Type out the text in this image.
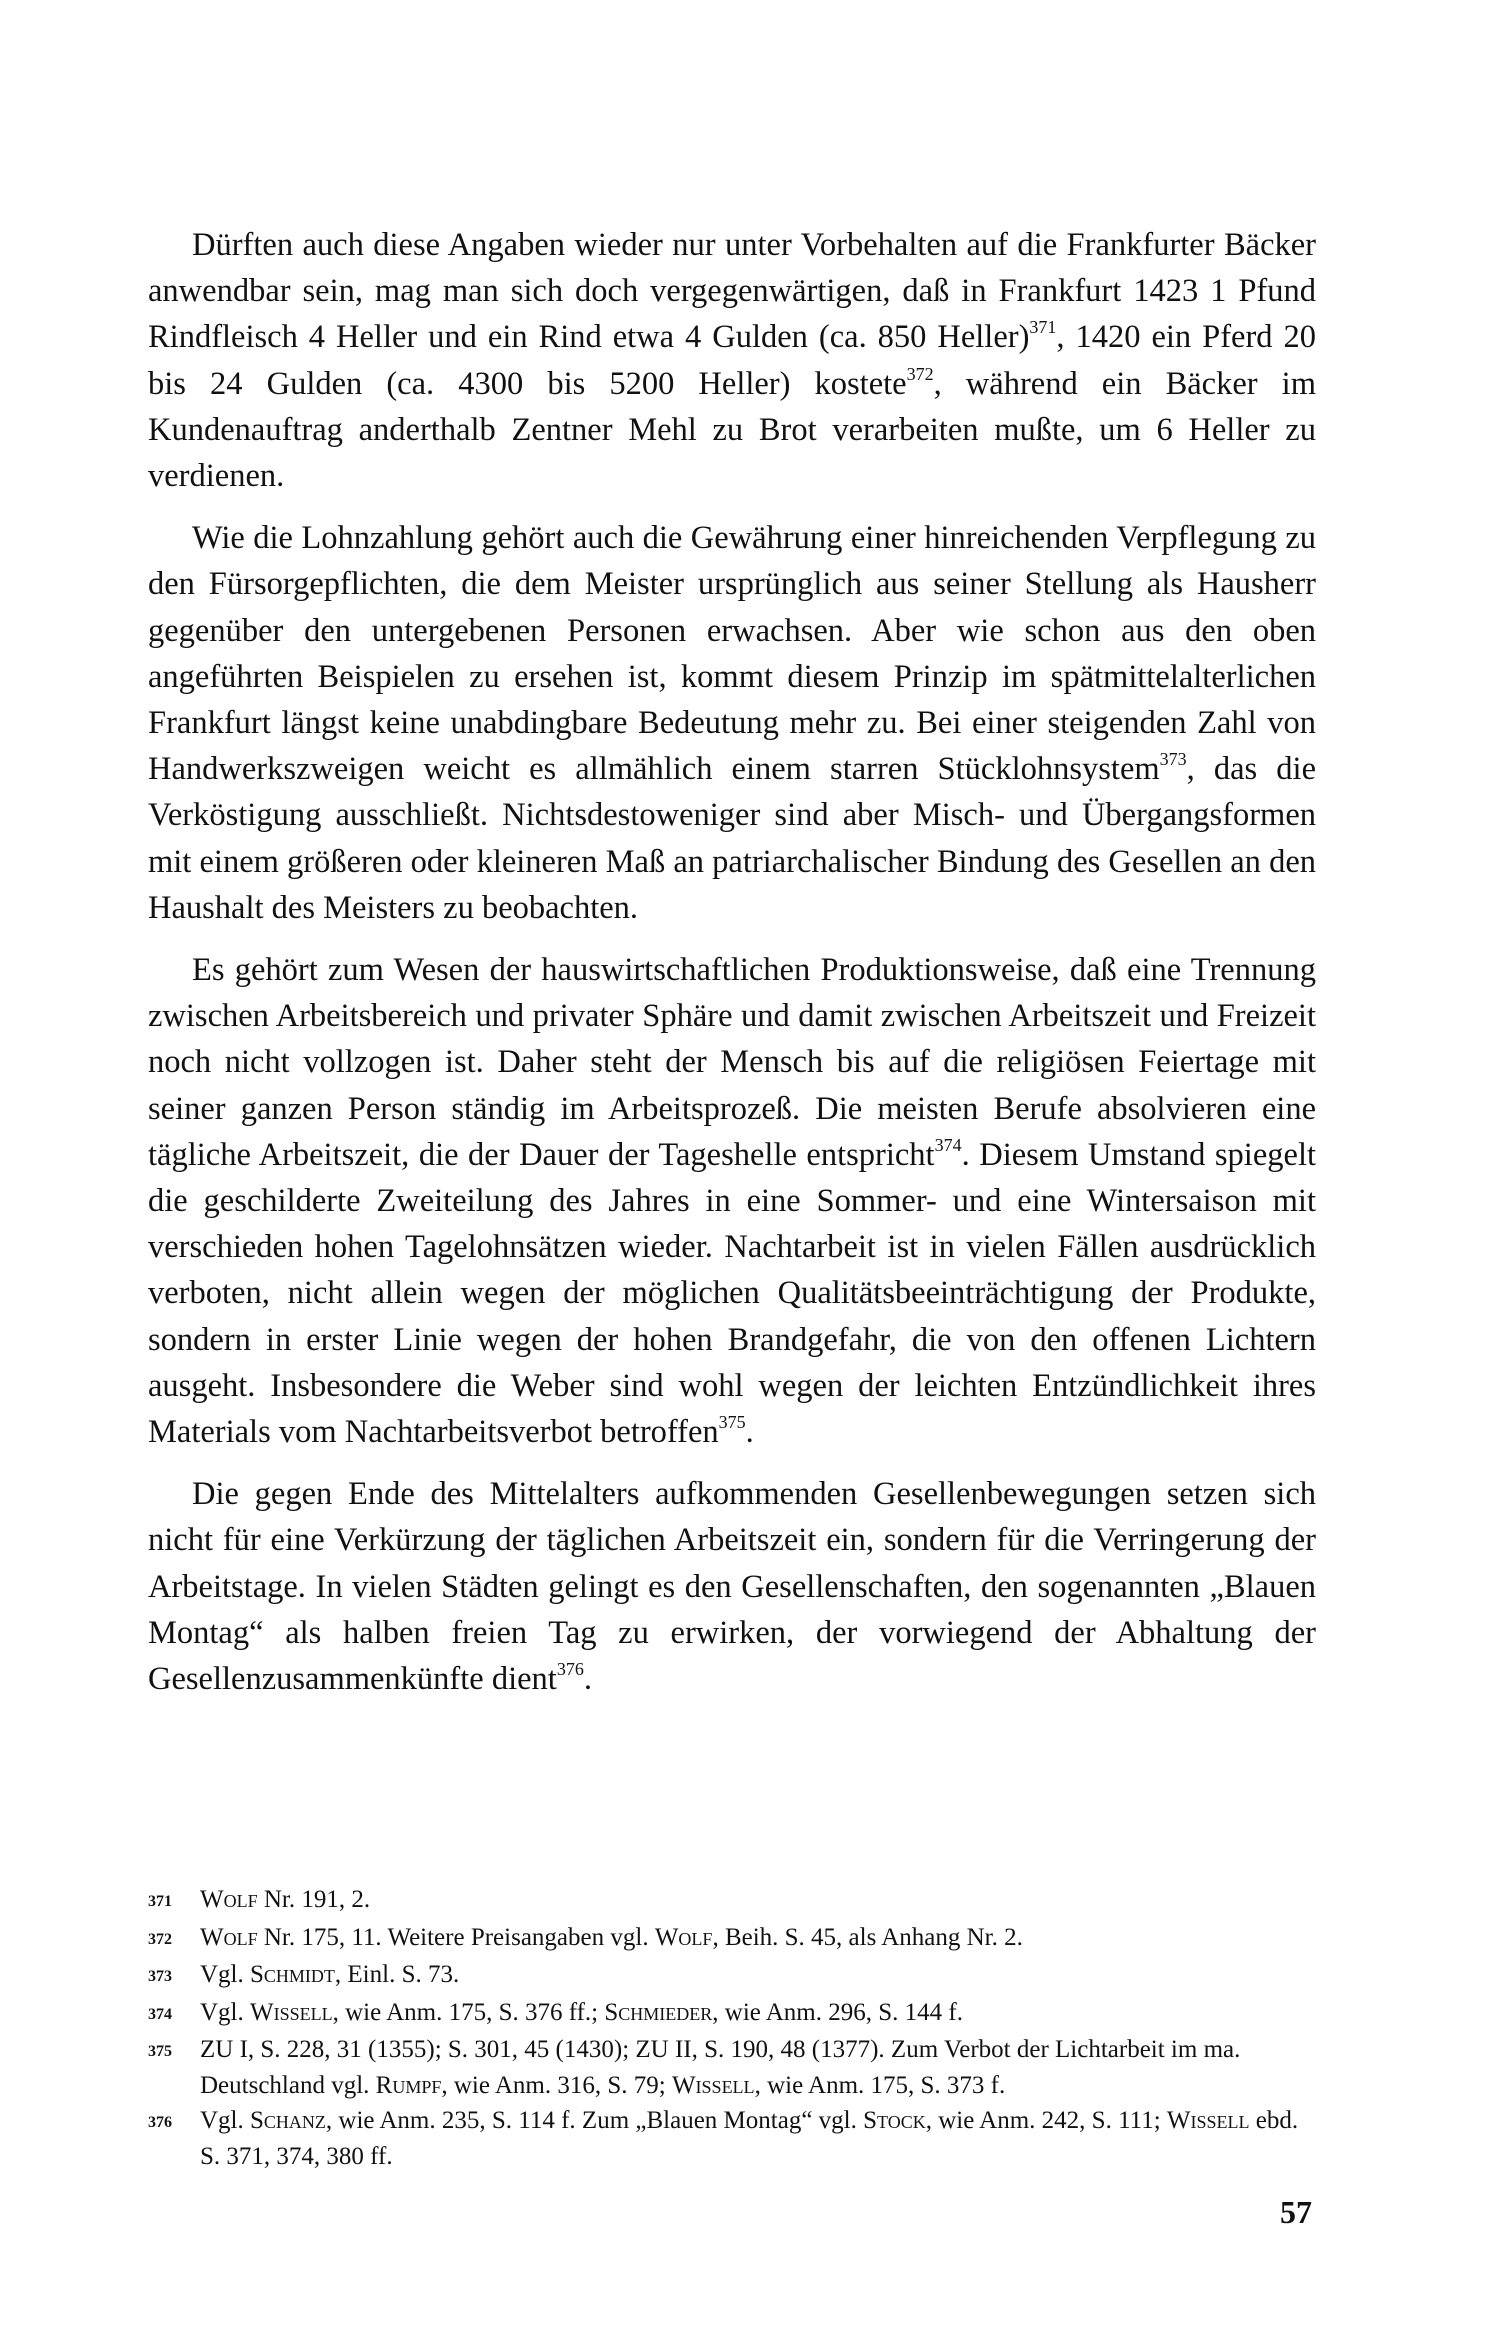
Dürften auch diese Angaben wieder nur unter Vorbehalten auf die Frankfurter Bäcker anwendbar sein, mag man sich doch vergegenwärtigen, daß in Frankfurt 1423 1 Pfund Rindfleisch 4 Heller und ein Rind etwa 4 Gulden (ca. 850 Heller)$^{371}$, 1420 ein Pferd 20 bis 24 Gulden (ca. 4300 bis 5200 Heller) kostete$^{372}$, während ein Bäcker im Kundenauftrag anderthalb Zentner Mehl zu Brot verarbeiten mußte, um 6 Heller zu verdienen.

Wie die Lohnzahlung gehört auch die Gewährung einer hinreichenden Verpflegung zu den Fürsorgepflichten, die dem Meister ursprünglich aus seiner Stellung als Hausherr gegenüber den untergebenen Personen erwachsen. Aber wie schon aus den oben angeführten Beispielen zu ersehen ist, kommt diesem Prinzip im spätmittelalterlichen Frankfurt längst keine unabdingbare Bedeutung mehr zu. Bei einer steigenden Zahl von Handwerkszweigen weicht es allmählich einem starren Stücklohnsystem$^{373}$, das die Verköstigung ausschließt. Nichtsdestoweniger sind aber Misch- und Übergangsformen mit einem größeren oder kleineren Maß an patriarchalischer Bindung des Gesellen an den Haushalt des Meisters zu beobachten.

Es gehört zum Wesen der hauswirtschaftlichen Produktionsweise, daß eine Trennung zwischen Arbeitsbereich und privater Sphäre und damit zwischen Arbeitszeit und Freizeit noch nicht vollzogen ist. Daher steht der Mensch bis auf die religiösen Feiertage mit seiner ganzen Person ständig im Arbeitsprozeß. Die meisten Berufe absolvieren eine tägliche Arbeitszeit, die der Dauer der Tageshelle entspricht$^{374}$. Diesem Umstand spiegelt die geschilderte Zweiteilung des Jahres in eine Sommer- und eine Wintersaison mit verschieden hohen Tagelohnsätzen wieder. Nachtarbeit ist in vielen Fällen ausdrücklich verboten, nicht allein wegen der möglichen Qualitätsbeeinträchtigung der Produkte, sondern in erster Linie wegen der hohen Brandgefahr, die von den offenen Lichtern ausgeht. Insbesondere die Weber sind wohl wegen der leichten Entzündlichkeit ihres Materials vom Nachtarbeitsverbot betroffen$^{375}$.

Die gegen Ende des Mittelalters aufkommenden Gesellenbewegungen setzen sich nicht für eine Verkürzung der täglichen Arbeitszeit ein, sondern für die Verringerung der Arbeitstage. In vielen Städten gelingt es den Gesellenschaften, den sogenannten „Blauen Montag“ als halben freien Tag zu erwirken, der vorwiegend der Abhaltung der Gesellenzusammenkünfte dient$^{376}$.

371	Wolf Nr. 191, 2.
372	Wolf Nr. 175, 11. Weitere Preisangaben vgl. Wolf, Beih. S. 45, als Anhang Nr. 2.
373	Vgl. Schmidt, Einl. S. 73.
374	Vgl. Wissell, wie Anm. 175, S. 376 ff.; Schmieder, wie Anm. 296, S. 144 f.
375	ZU I, S. 228, 31 (1355); S. 301, 45 (1430); ZU II, S. 190, 48 (1377). Zum Verbot der Lichtarbeit im ma. Deutschland vgl. Rumpf, wie Anm. 316, S. 79; Wissell, wie Anm. 175, S. 373 f.
376	Vgl. Schanz, wie Anm. 235, S. 114 f. Zum „Blauen Montag“ vgl. Stock, wie Anm. 242, S. 111; Wissell ebd. S. 371, 374, 380 ff.
57
